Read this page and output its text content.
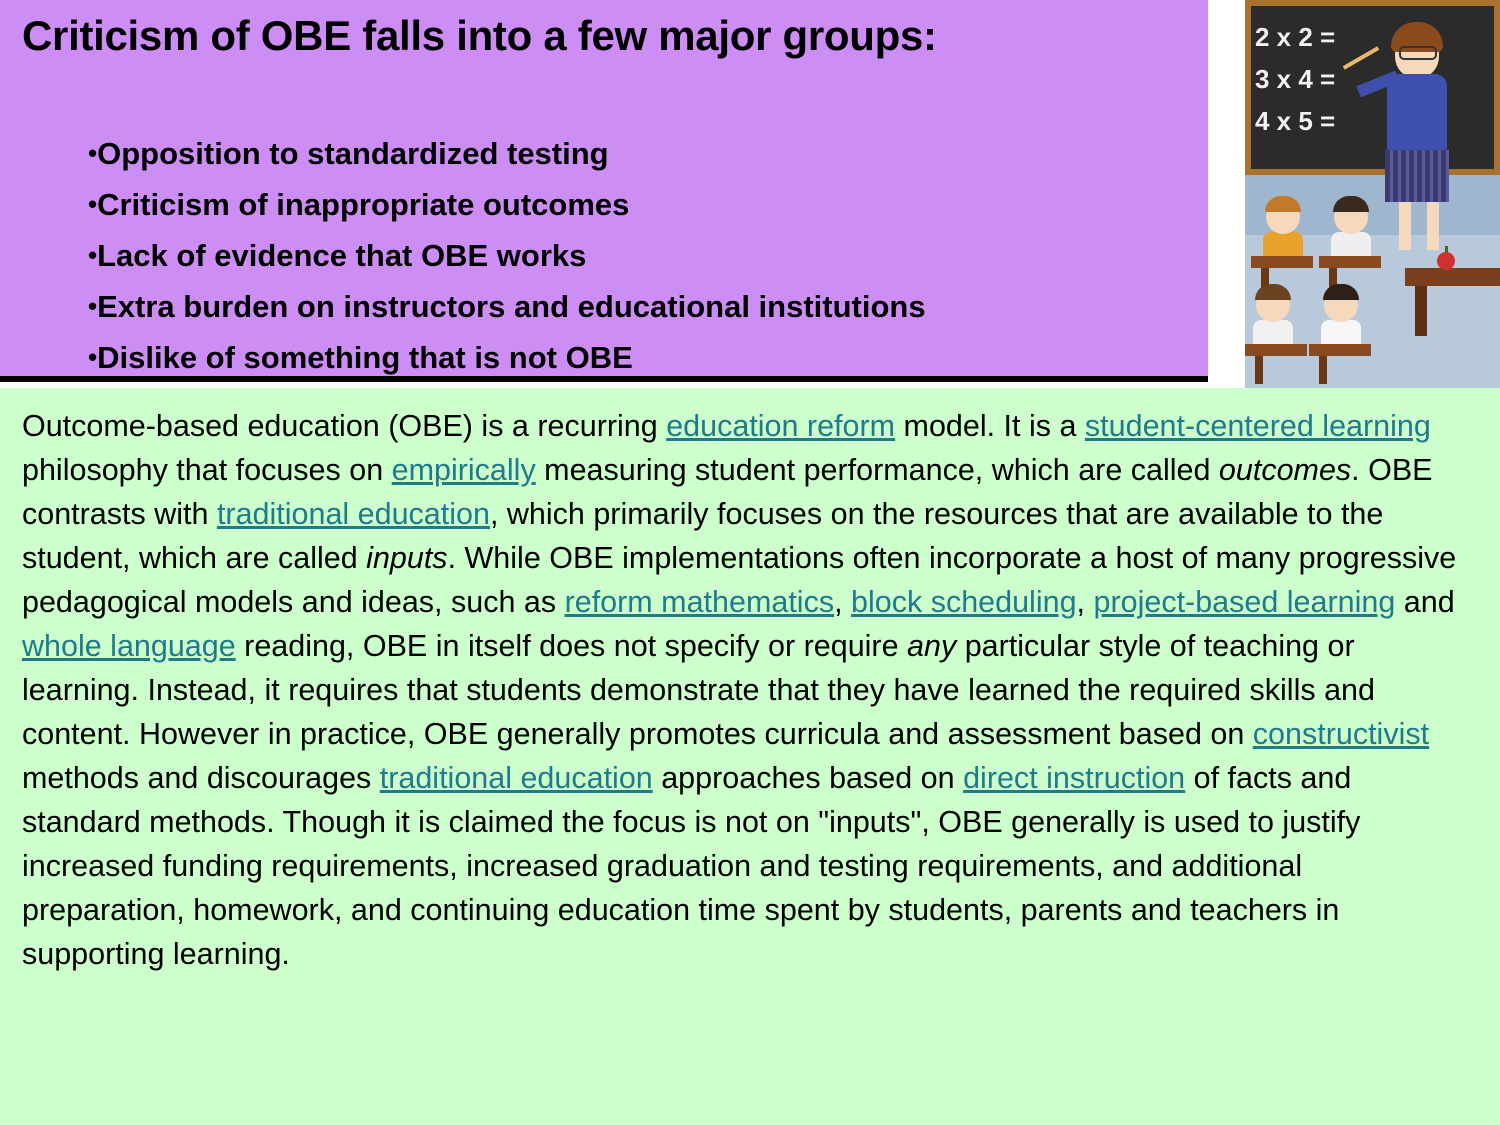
Criticism of OBE falls into a few major groups:
•Opposition to standardized testing
•Criticism of inappropriate outcomes
•Lack of evidence that OBE works
•Extra burden on instructors and educational institutions
•Dislike of something that is not OBE
2 x 2 =
3 x 4 =
4 x 5 =
Outcome-based education (OBE) is a recurring education reform model. It is a student-centered learning philosophy that focuses on empirically measuring student performance, which are called outcomes. OBE contrasts with traditional education, which primarily focuses on the resources that are available to the student, which are called inputs. While OBE implementations often incorporate a host of many progressive pedagogical models and ideas, such as reform mathematics, block scheduling, project-based learning and whole language reading, OBE in itself does not specify or require any particular style of teaching or learning. Instead, it requires that students demonstrate that they have learned the required skills and content. However in practice, OBE generally promotes curricula and assessment based on constructivist methods and discourages traditional education approaches based on direct instruction of facts and standard methods. Though it is claimed the focus is not on "inputs", OBE generally is used to justify increased funding requirements, increased graduation and testing requirements, and additional preparation, homework, and continuing education time spent by students, parents and teachers in supporting learning.
